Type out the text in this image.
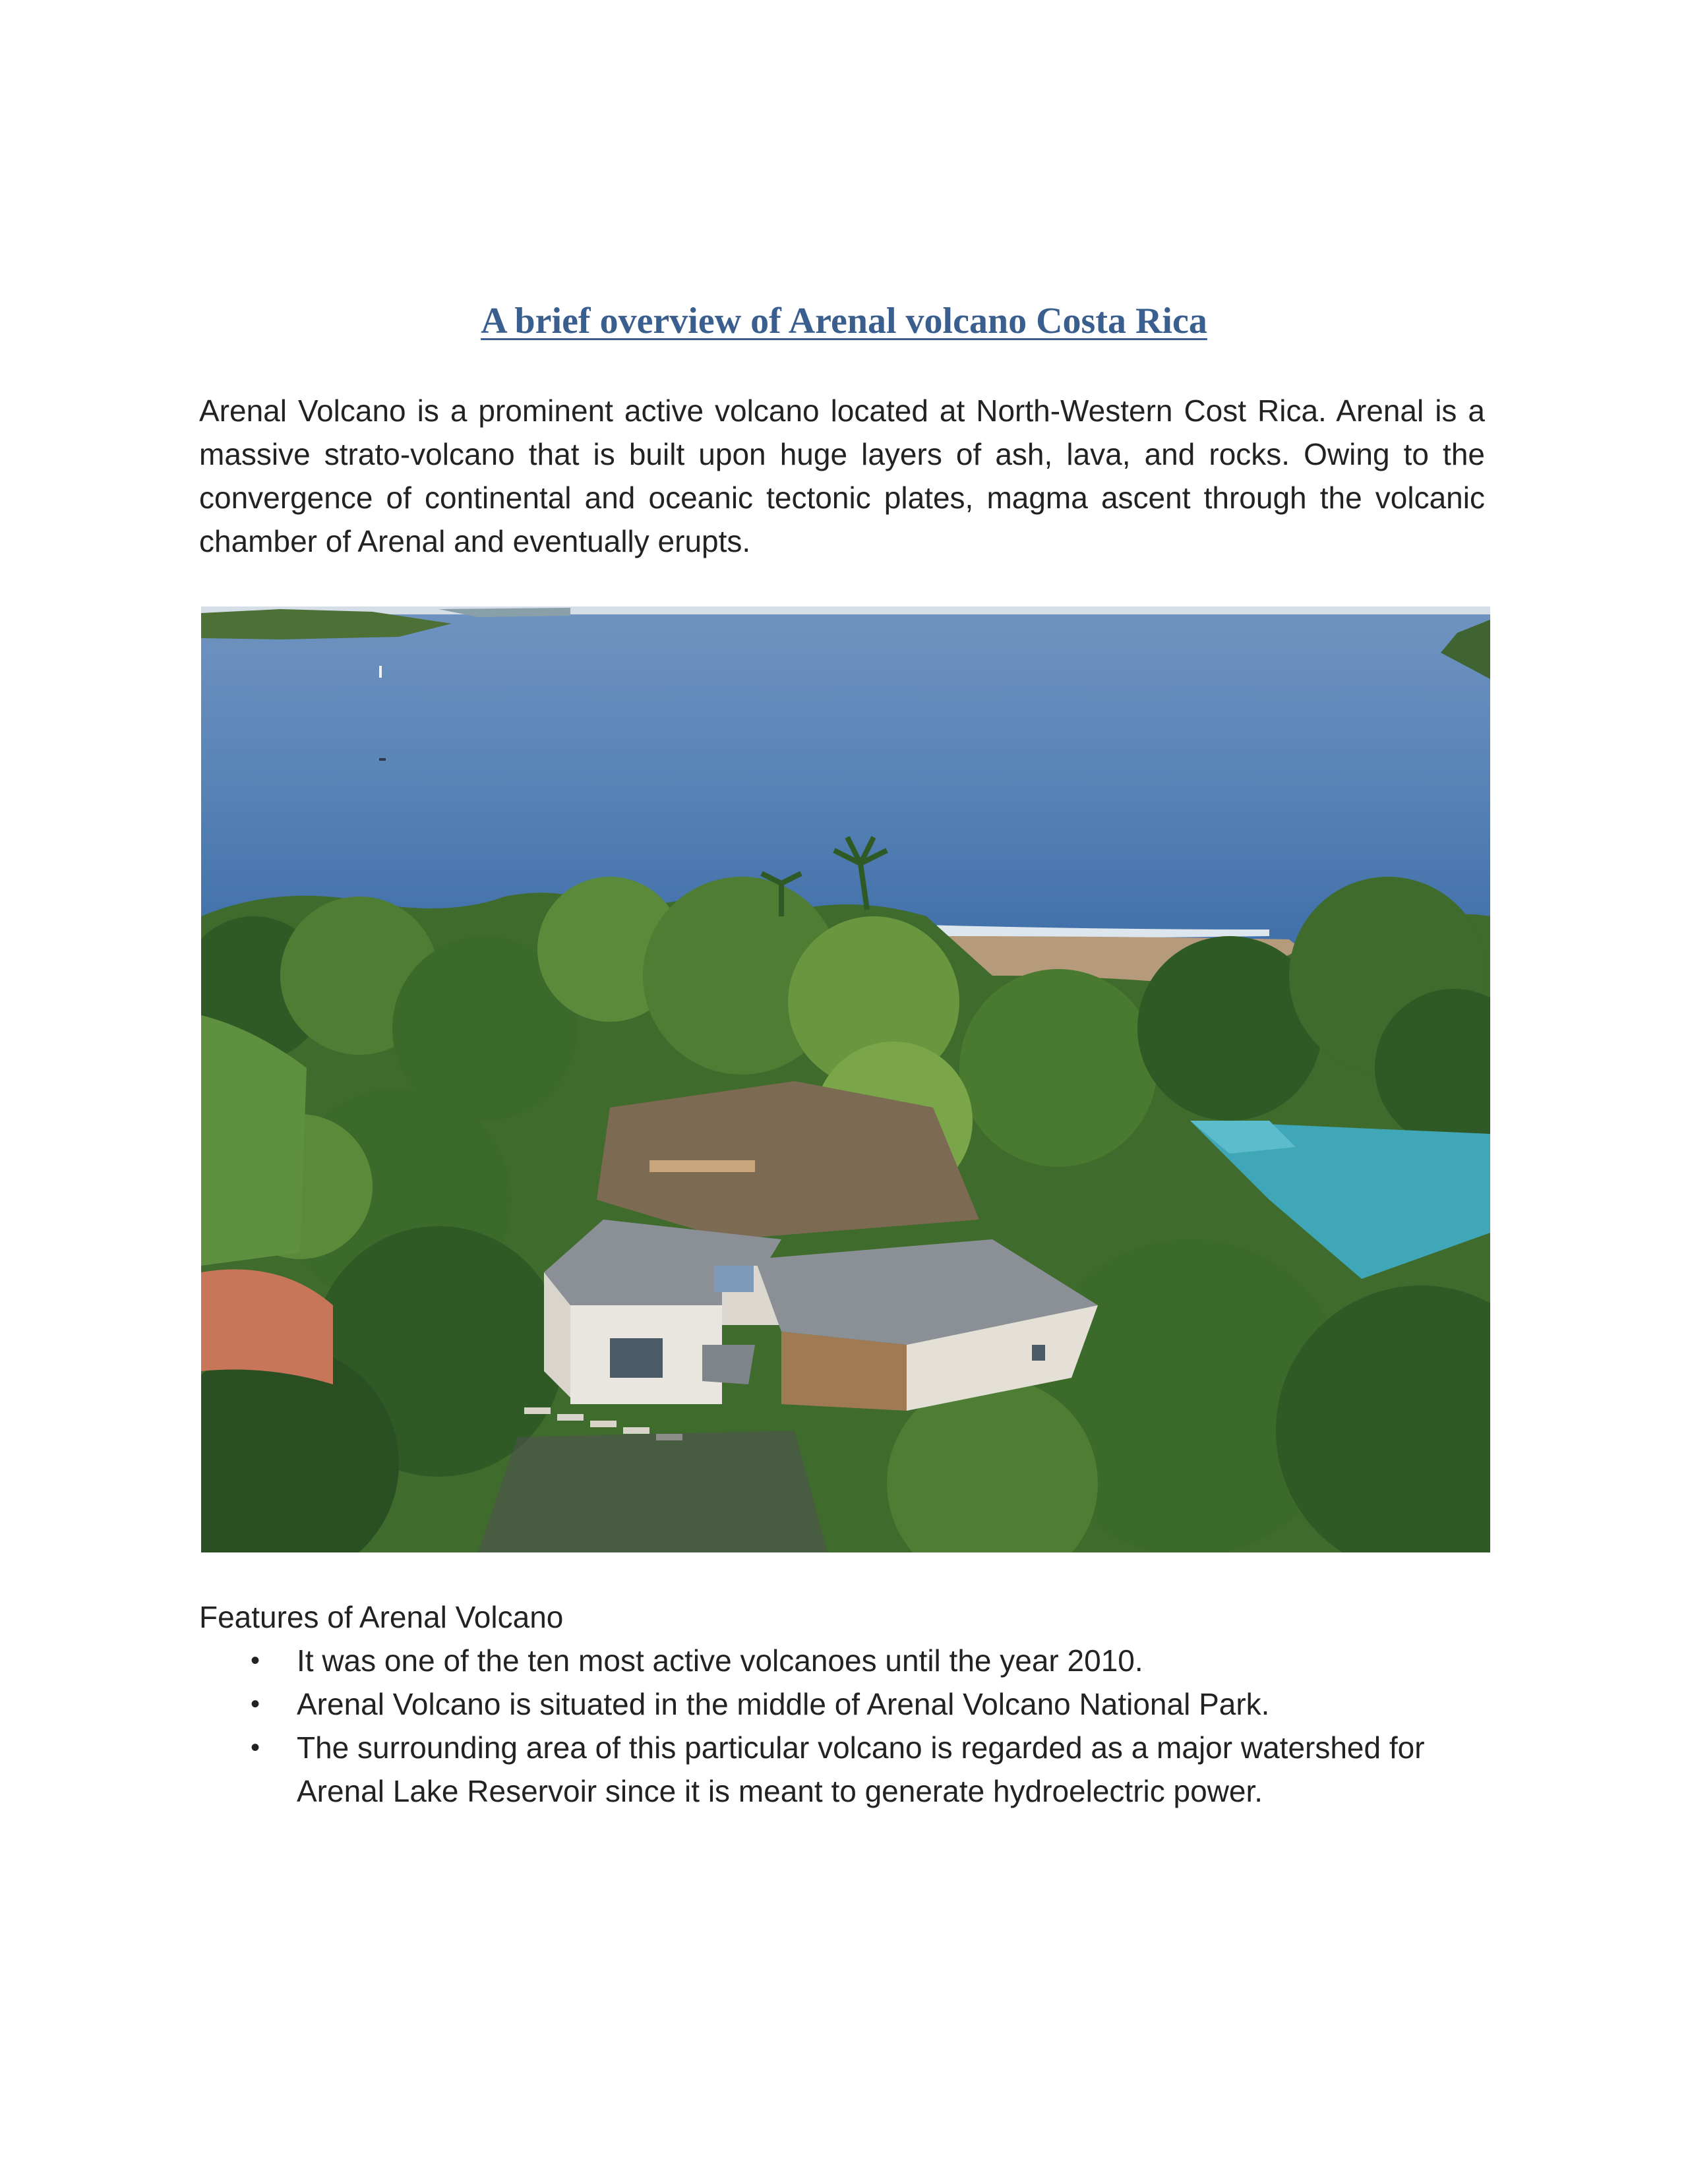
A brief overview of Arenal volcano Costa Rica

Arenal Volcano is a prominent active volcano located at North-Western Cost Rica. Arenal is a massive strato-volcano that is built upon huge layers of ash, lava, and rocks. Owing to the convergence of continental and oceanic tectonic plates, magma ascent through the volcanic chamber of Arenal and eventually erupts.

Features of Arenal Volcano

•	It was one of the ten most active volcanoes until the year 2010.
•	Arenal Volcano is situated in the middle of Arenal Volcano National Park.
•	The surrounding area of this particular volcano is regarded as a major watershed for Arenal Lake Reservoir since it is meant to generate hydroelectric power.
